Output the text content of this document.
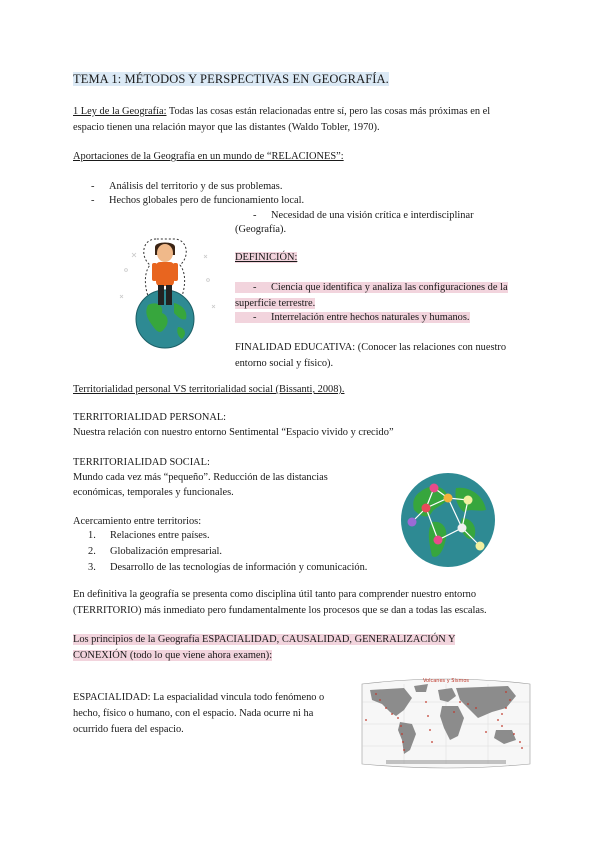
TEMA 1: MÉTODOS Y PERSPECTIVAS EN GEOGRAFÍA.
1 Ley de la Geografía: Todas las cosas están relacionadas entre sí, pero las cosas más próximas en el
espacio tienen una relación mayor que las distantes (Waldo Tobler, 1970).
Aportaciones de la Geografía en un mundo de “RELACIONES”:
- Análisis del territorio y de sus problemas.
- Hechos globales pero de funcionamiento local.
- Necesidad de una visión crítica e interdisciplinar
(Geografía).
DEFINICIÓN:
- Ciencia que identifica y analiza las configuraciones de la
superficie terrestre.
- Interrelación entre hechos naturales y humanos.
FINALIDAD EDUCATIVA: (Conocer las relaciones con nuestro
entorno social y físico).
Territorialidad personal VS territorialidad social (Bissanti, 2008).
TERRITORIALIDAD PERSONAL:
Nuestra relación con nuestro entorno Sentimental “Espacio vivido y crecido”
TERRITORIALIDAD SOCIAL:
Mundo cada vez más “pequeño”. Reducción de las distancias
económicas, temporales y funcionales.
Acercamiento entre territorios:
1. Relaciones entre países.
2. Globalización empresarial.
3. Desarrollo de las tecnologías de información y comunicación.
En definitiva la geografía se presenta como disciplina útil tanto para comprender nuestro entorno
(TERRITORIO) más inmediato pero fundamentalmente los procesos que se dan a todas las escalas.
Los principios de la Geografía ESPACIALIDAD, CAUSALIDAD, GENERALIZACIÓN Y
CONEXIÓN (todo lo que viene ahora examen):
ESPACIALIDAD: La espacialidad vincula todo fenómeno o
hecho, físico o humano, con el espacio. Nada ocurre ni ha
ocurrido fuera del espacio.
Volcanes y Sismos
